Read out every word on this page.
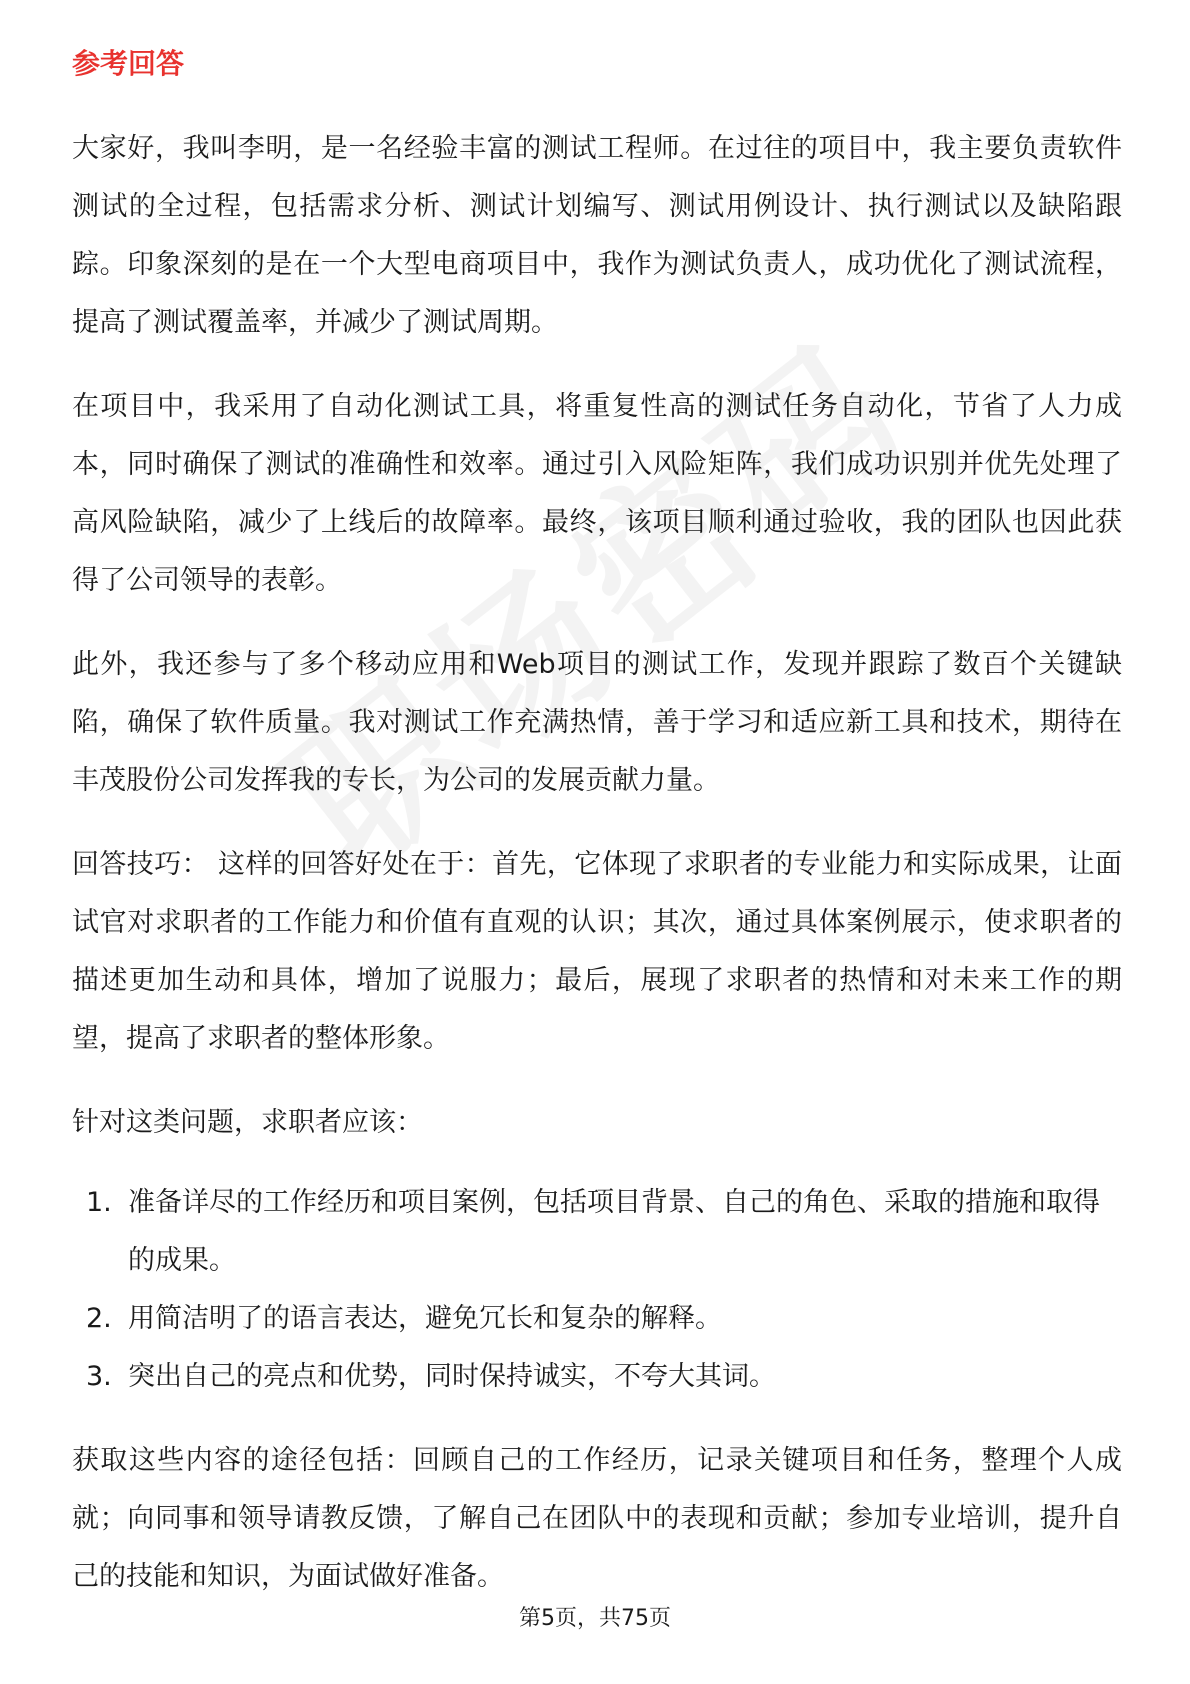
参考回答

大家好，我叫李明，是一名经验丰富的测试工程师。在过往的项目中，我主要负责软件测试的全过程，包括需求分析、测试计划编写、测试用例设计、执行测试以及缺陷跟踪。印象深刻的是在一个大型电商项目中，我作为测试负责人，成功优化了测试流程，提高了测试覆盖率，并减少了测试周期。

在项目中，我采用了自动化测试工具，将重复性高的测试任务自动化，节省了人力成本，同时确保了测试的准确性和效率。通过引入风险矩阵，我们成功识别并优先处理了高风险缺陷，减少了上线后的故障率。最终，该项目顺利通过验收，我的团队也因此获得了公司领导的表彰。

此外，我还参与了多个移动应用和Web项目的测试工作，发现并跟踪了数百个关键缺陷，确保了软件质量。我对测试工作充满热情，善于学习和适应新工具和技术，期待在丰茂股份公司发挥我的专长，为公司的发展贡献力量。

回答技巧： 这样的回答好处在于：首先，它体现了求职者的专业能力和实际成果，让面试官对求职者的工作能力和价值有直观的认识；其次，通过具体案例展示，使求职者的描述更加生动和具体，增加了说服力；最后，展现了求职者的热情和对未来工作的期望，提高了求职者的整体形象。

针对这类问题，求职者应该：

1. 准备详尽的工作经历和项目案例，包括项目背景、自己的角色、采取的措施和取得的成果。
2. 用简洁明了的语言表达，避免冗长和复杂的解释。
3. 突出自己的亮点和优势，同时保持诚实，不夸大其词。

获取这些内容的途径包括：回顾自己的工作经历，记录关键项目和任务，整理个人成就；向同事和领导请教反馈，了解自己在团队中的表现和贡献；参加专业培训，提升自己的技能和知识，为面试做好准备。

第5页，共75页
